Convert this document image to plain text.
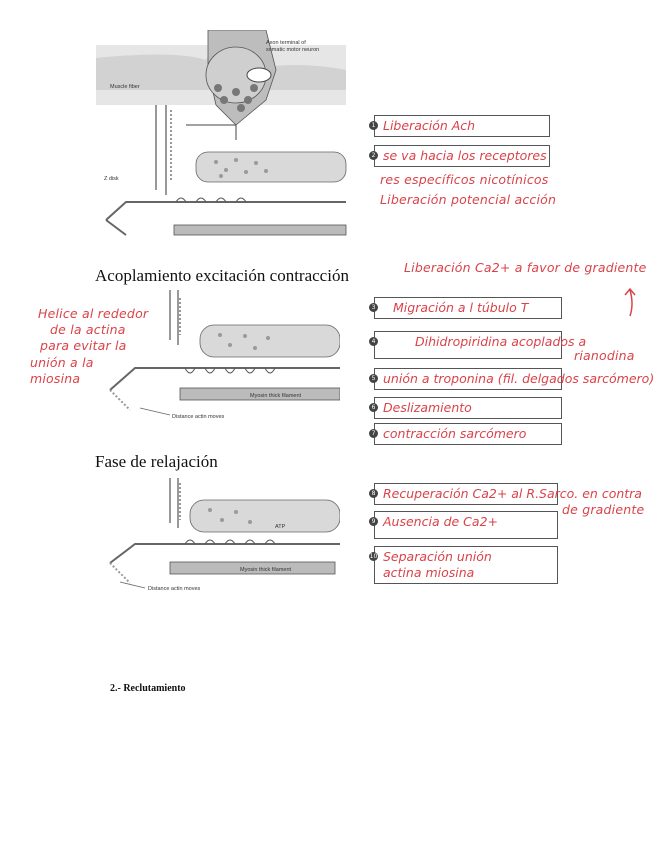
Axon terminal of
somatic motor neuron
Muscle fiber
Z disk
1 Liberación Ach
2 se va hacia los receptores
res específicos nicotínicos
Liberación potencial acción
Acoplamiento excitación contracción	Liberación Ca2+ a favor de gradiente
Helice al rededor
de la actina
para evitar la
unión a la
miosina
Myosin thick filament
Distance actin moves
3 Migración a l túbulo T
4	Dihidropiridina acoplados a
rianodina
5 unión a troponina (fil. delgados sarcómero)
6 Deslizamiento
7 contracción sarcómero
Fase de relajación
ATP
Myosin thick filament
Distance actin moves
8 Recuperación Ca2+ al R.Sarco. en contra
de gradiente
9 Ausencia de Ca2+
10 Separación unión
actina miosina
2.- Reclutamiento
